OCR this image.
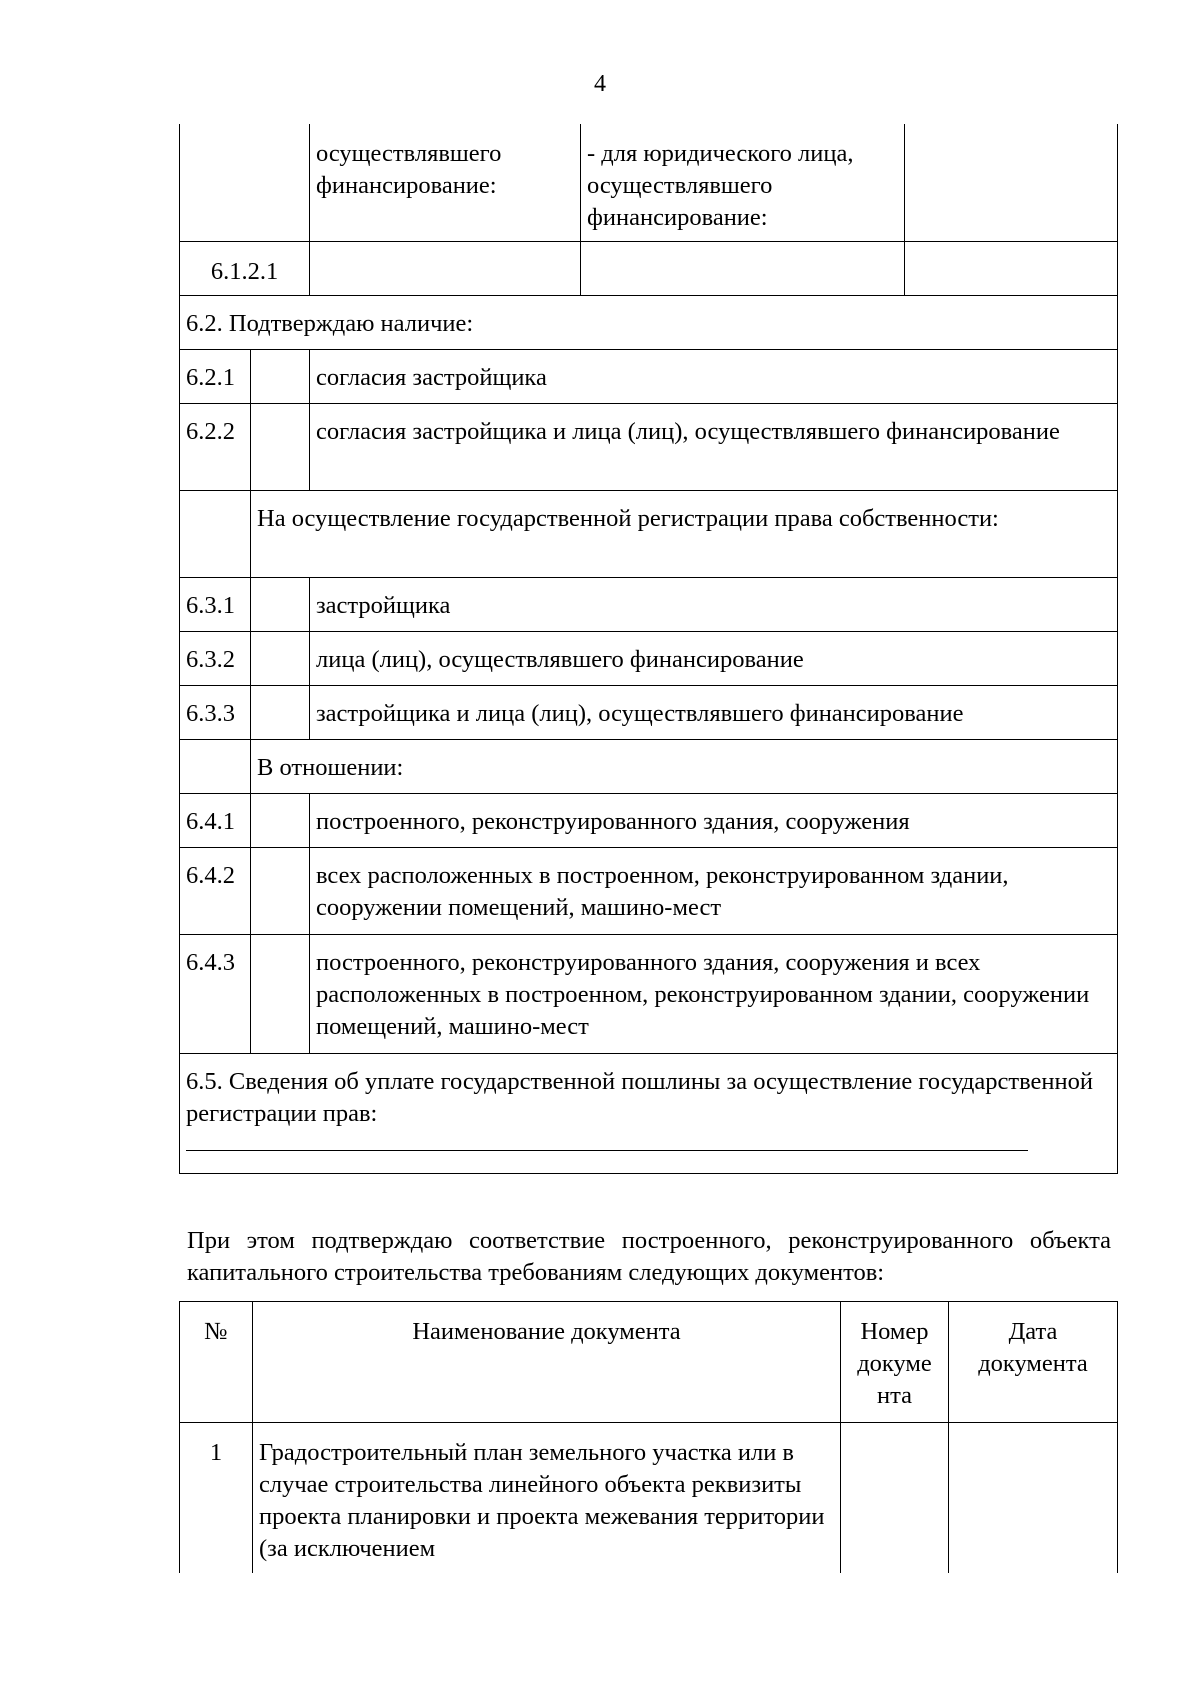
4
		осуществлявшего финансирование:	- для юридического лица, осуществлявшего финансирование:	
6.1.2.1				
6.2. Подтверждаю наличие:				
6.2.1		согласия застройщика		
6.2.2		согласия застройщика и лица (лиц), осуществлявшего финансирование		
	На осуществление государственной регистрации права собственности:			
6.3.1		застройщика		
6.3.2		лица (лиц), осуществлявшего финансирование		
6.3.3		застройщика и лица (лиц), осуществлявшего финансирование		
	В отношении:			
6.4.1		построенного, реконструированного здания, сооружения		
6.4.2		всех расположенных в построенном, реконструированном здании, сооружении помещений, машино-мест		
6.4.3		построенного, реконструированного здания, сооружения и всех расположенных в построенном, реконструированном здании, сооружении помещений, машино-мест		
6.5. Сведения об уплате государственной пошлины за осуществление государственной регистрации прав:				
При этом подтверждаю соответствие построенного, реконструированного объекта капитального строительства требованиям следующих документов:
№	Наименование документа	Номер докуме нта	Дата документа
1	Градостроительный план земельного участка или в случае строительства линейного объекта реквизиты проекта планировки и проекта межевания территории (за исключением		
